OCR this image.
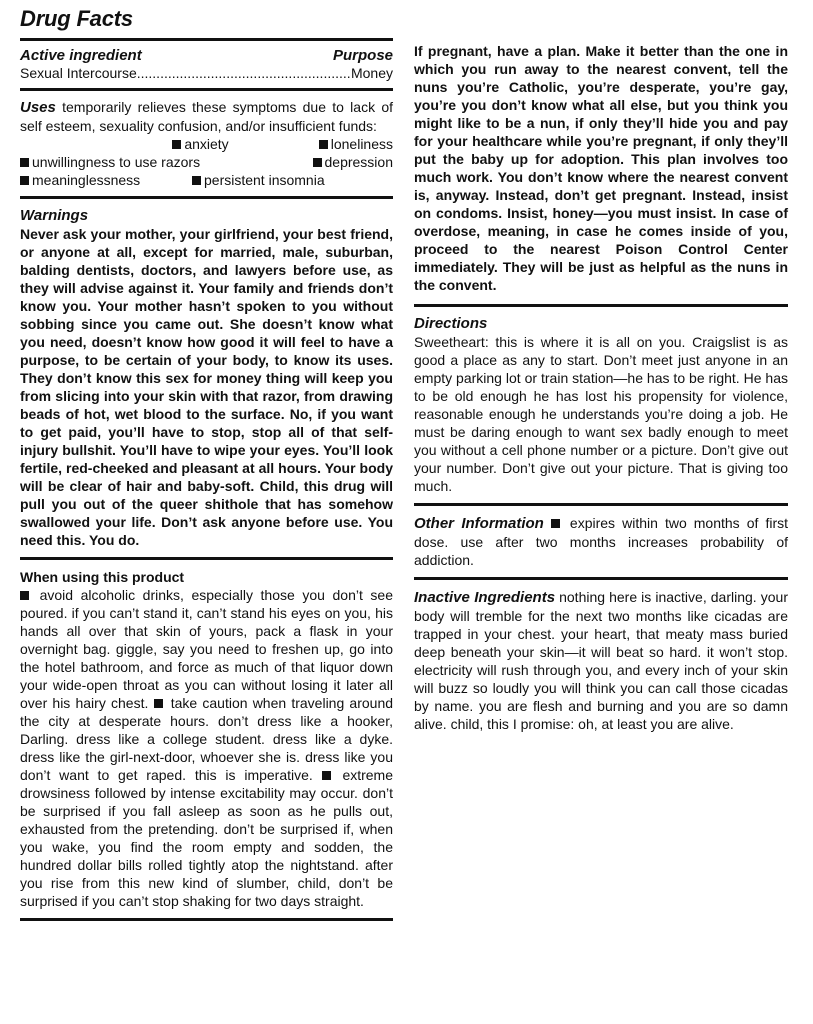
Drug Facts
Active ingredient	Purpose
Sexual Intercourse
.....	Money

Uses temporarily relieves these symptoms due to lack of self esteem, sexuality confusion, and/or insufficient funds:

anxiety	loneliness
unwillingness to use razors	depression
meaninglessness	persistent insomnia
Warnings

Never ask your mother, your girlfriend, your best friend, or anyone at all, except for married, male, suburban, balding dentists, doctors, and lawyers before use, as they will advise against it. Your family and friends don’t know you. Your mother hasn’t spoken to you without sobbing since you came out. She doesn’t know what you need, doesn’t know how good it will feel to have a purpose, to be certain of your body, to know its uses. They don’t know this sex for money thing will keep you from slicing into your skin with that razor, from drawing beads of hot, wet blood to the surface. No, if you want to get paid, you’ll have to stop, stop all of that self-injury bullshit. You’ll have to wipe your eyes. You’ll look fertile, red-cheeked and pleasant at all hours. Your body will be clear of hair and baby-soft. Child, this drug will pull you out of the queer shithole that has somehow swallowed your life. Don’t ask anyone before use. You need this. You do.

When using this product

avoid alcoholic drinks, especially those you don’t see poured. if you can’t stand it, can’t stand his eyes on you, his hands all over that skin of yours, pack a flask in your overnight bag. giggle, say you need to freshen up, go into the hotel bathroom, and force as much of that liquor down your wide-open throat as you can without losing it later all over his hairy chest. take caution when traveling around the city at desperate hours. don’t dress like a hooker, Darling. dress like a college student. dress like a dyke. dress like the girl-next-door, whoever she is. dress like you don’t want to get raped. this is imperative. extreme drowsiness followed by intense excitability may occur. don’t be surprised if you fall asleep as soon as he pulls out, exhausted from the pretending. don’t be surprised if, when you wake, you find the room empty and sodden, the hundred dollar bills rolled tightly atop the nightstand. after you rise from this new kind of slumber, child, don’t be surprised if you can’t stop shaking for two days straight.

If pregnant, have a plan. Make it better than the one in which you run away to the nearest convent, tell the nuns you’re Catholic, you’re desperate, you’re gay, you’re you don’t know what all else, but you think you might like to be a nun, if only they’ll hide you and pay for your healthcare while you’re pregnant, if only they’ll put the baby up for adoption. This plan involves too much work. You don’t know where the nearest convent is, anyway. Instead, don’t get pregnant. Instead, insist on condoms. Insist, honey—you must insist. In case of overdose, meaning, in case he comes inside of you, proceed to the nearest Poison Control Center immediately. They will be just as helpful as the nuns in the convent.

Directions

Sweetheart: this is where it is all on you. Craigslist is as good a place as any to start. Don’t meet just anyone in an empty parking lot or train station—he has to be right. He has to be old enough he has lost his propensity for violence, reasonable enough he understands you’re doing a job. He must be daring enough to want sex badly enough to meet you without a cell phone number or a picture. Don’t give out your number. Don’t give out your picture. That is giving too much.

Other Information expires within two months of first dose. use after two months increases probability of addiction.

Inactive Ingredients nothing here is inactive, darling. your body will tremble for the next two months like cicadas are trapped in your chest. your heart, that meaty mass buried deep beneath your skin—it will beat so hard. it won’t stop. electricity will rush through you, and every inch of your skin will buzz so loudly you will think you can call those cicadas by name. you are flesh and burning and you are so damn alive. child, this I promise: oh, at least you are alive.
